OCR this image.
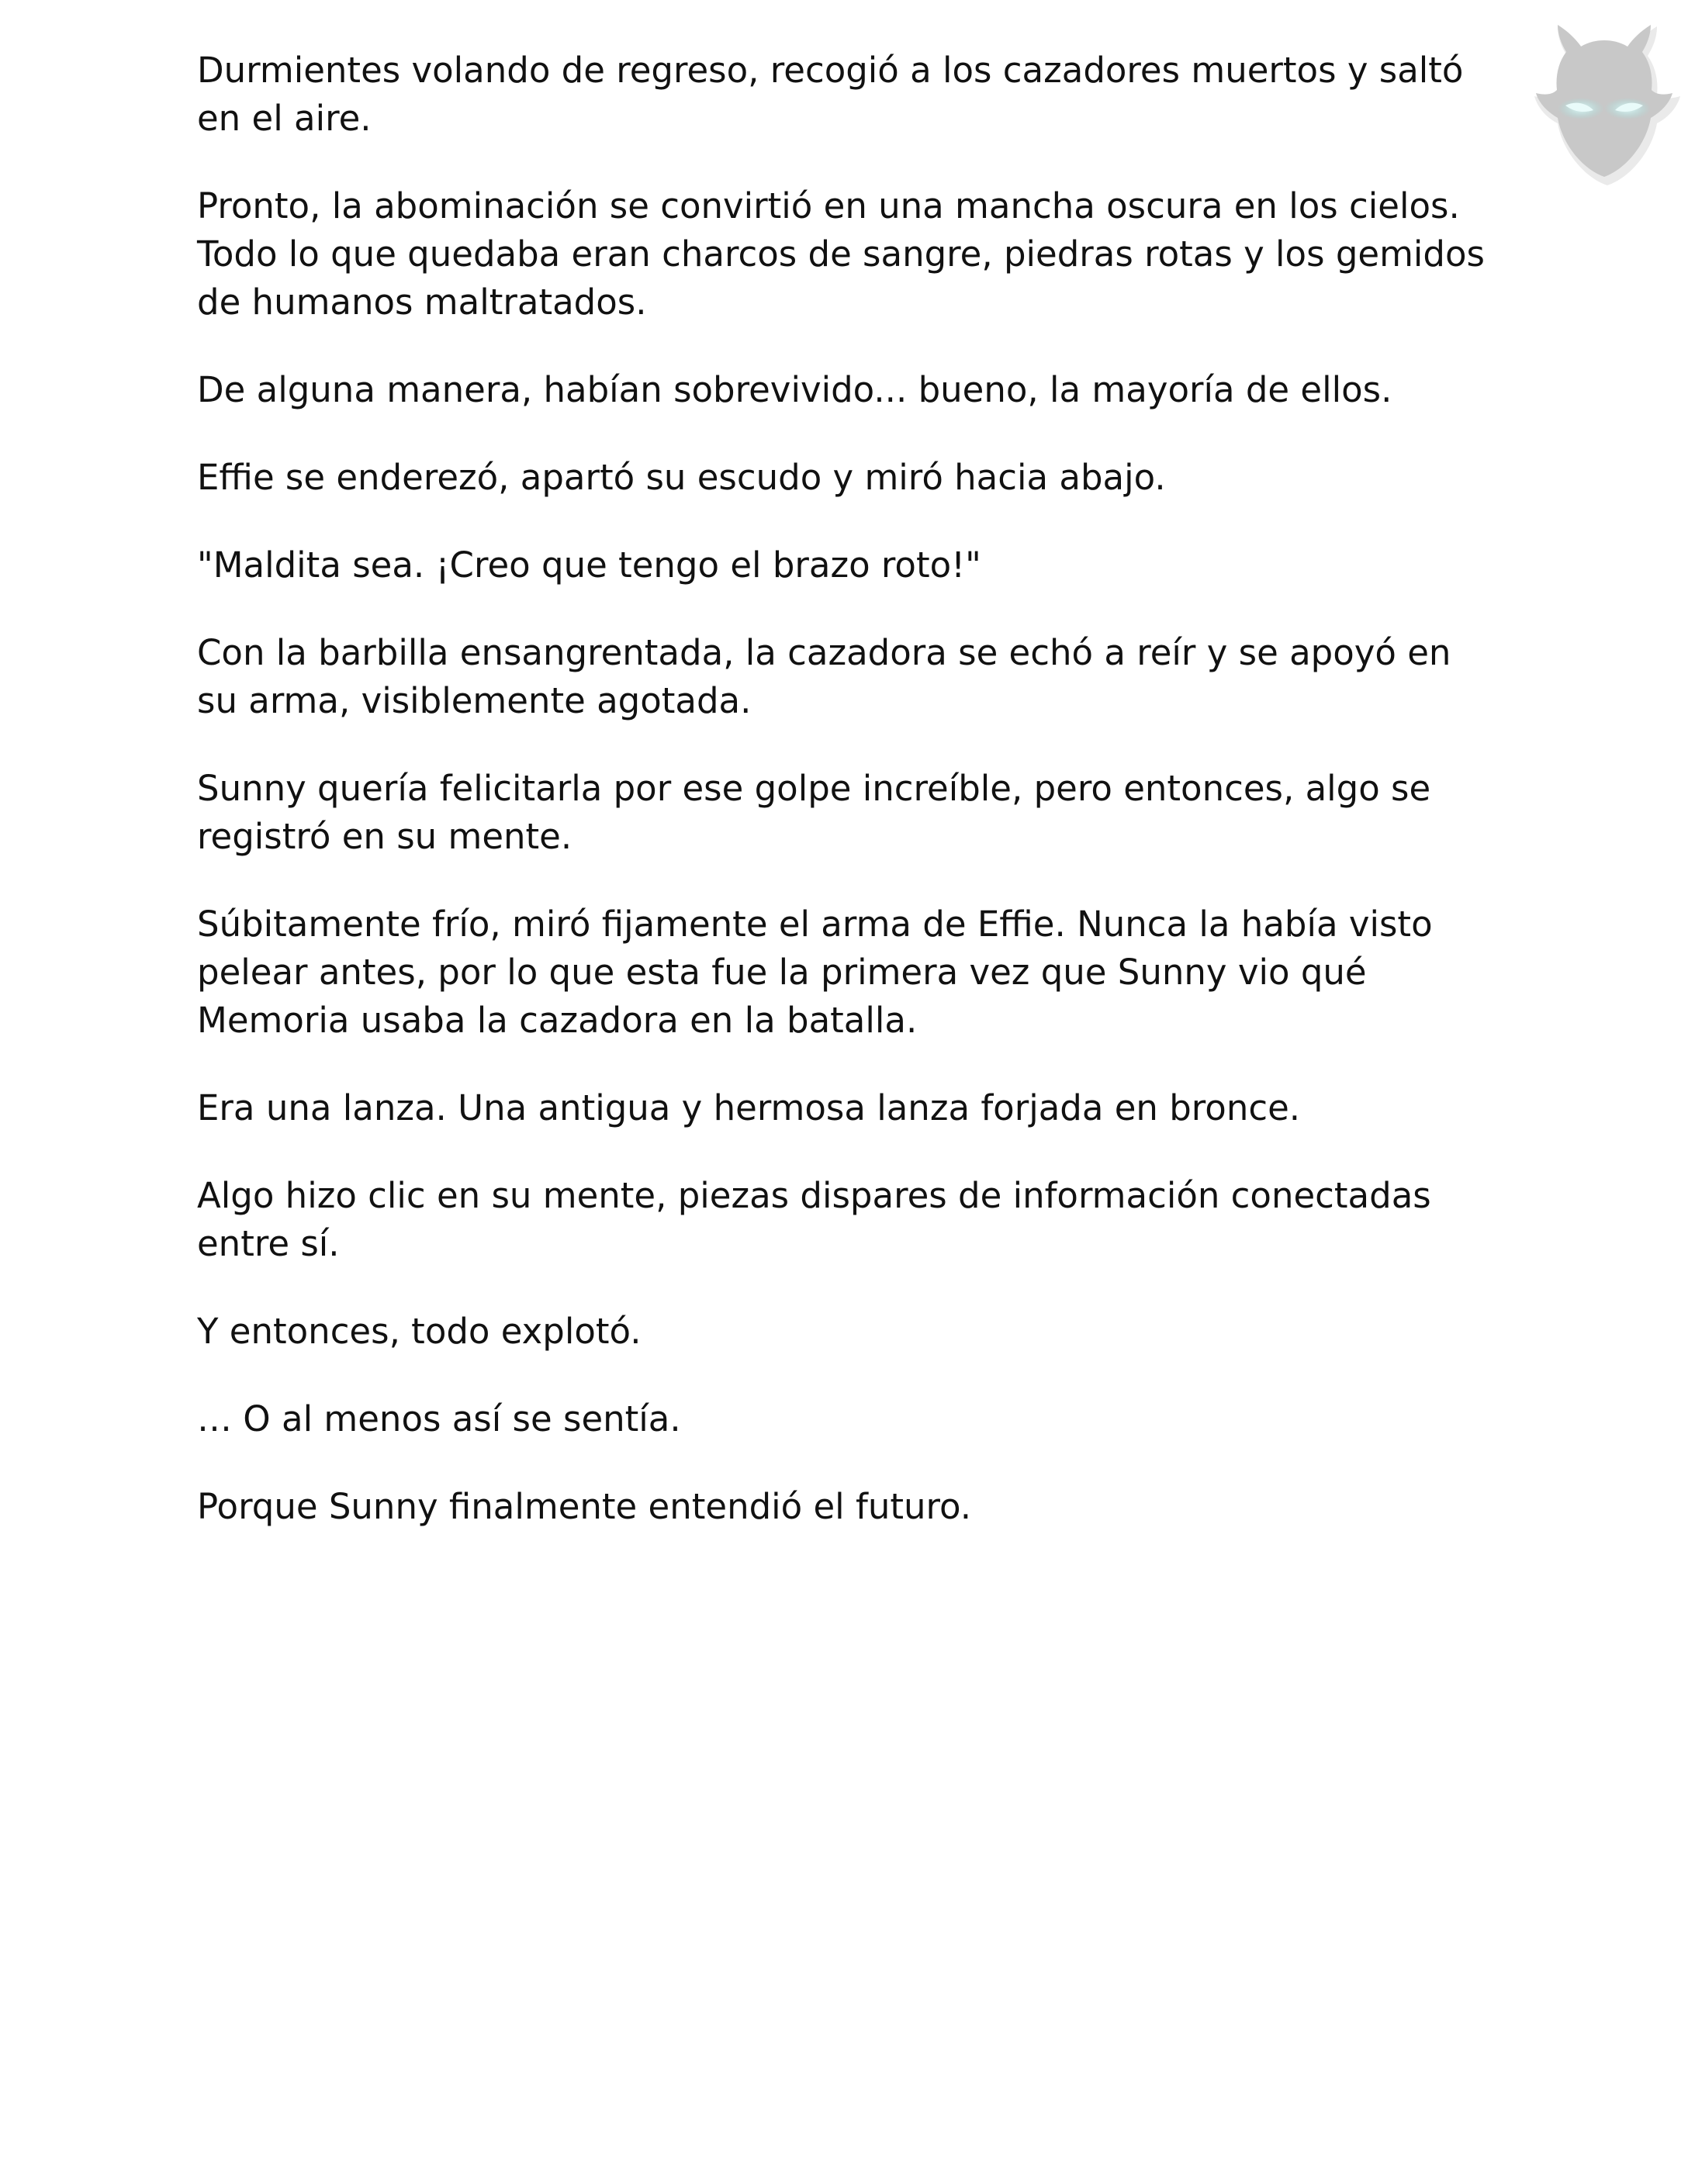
Durmientes volando de regreso, recogió a los cazadores muertos y saltó en el aire.

Pronto, la abominación se convirtió en una mancha oscura en los cielos. Todo lo que quedaba eran charcos de sangre, piedras rotas y los gemidos de humanos maltratados.

De alguna manera, habían sobrevivido... bueno, la mayoría de ellos.

Effie se enderezó, apartó su escudo y miró hacia abajo.

"Maldita sea. ¡Creo que tengo el brazo roto!"

Con la barbilla ensangrentada, la cazadora se echó a reír y se apoyó en su arma, visiblemente agotada.

Sunny quería felicitarla por ese golpe increíble, pero entonces, algo se registró en su mente.

Súbitamente frío, miró fijamente el arma de Effie. Nunca la había visto pelear antes, por lo que esta fue la primera vez que Sunny vio qué Memoria usaba la cazadora en la batalla.

Era una lanza. Una antigua y hermosa lanza forjada en bronce.

Algo hizo clic en su mente, piezas dispares de información conectadas entre sí.

Y entonces, todo explotó.

… O al menos así se sentía.

Porque Sunny finalmente entendió el futuro.
